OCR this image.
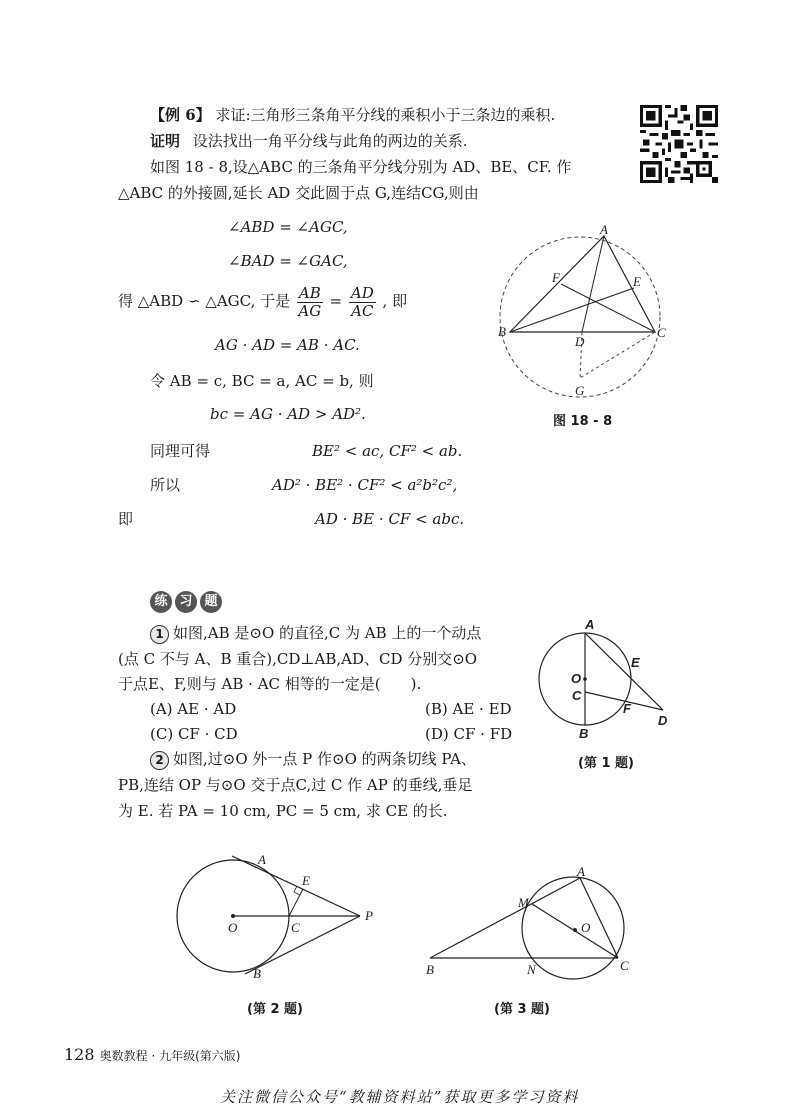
【例 6】 求证:三角形三条角平分线的乘积小于三条边的乘积.
证明 设法找出一角平分线与此角的两边的关系.
如图 18 - 8,设△ABC 的三条角平分线分别为 AD、BE、CF. 作
△ABC 的外接圆,延长 AD 交此圆于点 G,连结CG,则由
∠ABD = ∠AGC,
∠BAD = ∠GAC,
得 △ABD ∽ △AGC, 于是 $\frac{AB}{AG} = \frac{AD}{AC}$ , 即
AG · AD = AB · AC.
令 AB = c, BC = a, AC = b, 则
bc = AG · AD > AD².
同理可得	BE² < ac, CF² < ab.
所以	AD² · BE² · CF² < a²b²c²,
即	AD · BE · CF < abc.
A
B	C
D
E
F
G
图 18 - 8
练 习 题
1 如图,AB 是⊙O 的直径,C 为 AB 上的一个动点
(点 C 不与 A、B 重合),CD⊥AB,AD、CD 分别交⊙O
于点E、F,则与 AB · AC 相等的一定是(　　).
(A) AE · AD	(B) AE · ED
(C) CF · CD	(D) CF · FD
A
O
C
E
F
D
B
(第 1 题)
2 如图,过⊙O 外一点 P 作⊙O 的两条切线 PA、
PB,连结 OP 与⊙O 交于点C,过 C 作 AP 的垂线,垂足
为 E. 若 PA = 10 cm, PC = 5 cm, 求 CE 的长.
A
E
O	C
P
B
(第 2 题)
A
M
O
B	N	C
(第 3 题)
128 奥数教程 · 九年级(第六版)
关注微信公众号“教辅资料站”获取更多学习资料
